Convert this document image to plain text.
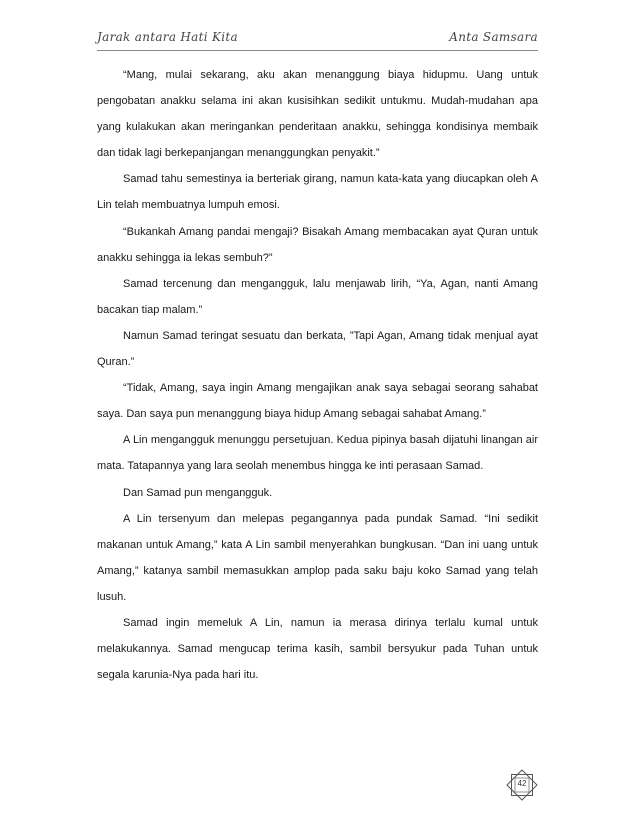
Jarak antara Hati Kita	Anta Samsara

“Mang, mulai sekarang, aku akan menanggung biaya hidupmu. Uang untuk pengobatan anakku selama ini akan kusisihkan sedikit untukmu. Mudah-mudahan apa yang kulakukan akan meringankan penderitaan anakku, sehingga kondisinya membaik dan tidak lagi berkepanjangan menanggungkan penyakit.”

Samad tahu semestinya ia berteriak girang, namun kata-kata yang diucapkan oleh A Lin telah membuatnya lumpuh emosi.

“Bukankah Amang pandai mengaji? Bisakah Amang membacakan ayat Quran untuk anakku sehingga ia lekas sembuh?”

Samad tercenung dan mengangguk, lalu menjawab lirih, “Ya, Agan, nanti Amang bacakan tiap malam.”

Namun Samad teringat sesuatu dan berkata, ”Tapi Agan, Amang tidak menjual ayat Quran.”

“Tidak, Amang, saya ingin Amang mengajikan anak saya sebagai seorang sahabat saya. Dan saya pun menanggung biaya hidup Amang sebagai sahabat Amang.”

A Lin mengangguk menunggu persetujuan. Kedua pipinya basah dijatuhi linangan air mata. Tatapannya yang lara seolah menembus hingga ke inti perasaan Samad.

Dan Samad pun mengangguk.

A Lin tersenyum dan melepas pegangannya pada pundak Samad. “Ini sedikit makanan untuk Amang,” kata A Lin sambil menyerahkan bungkusan. “Dan ini uang untuk Amang,” katanya sambil memasukkan amplop pada saku baju koko Samad yang telah lusuh.

Samad ingin memeluk A Lin, namun ia merasa dirinya terlalu kumal untuk melakukannya. Samad mengucap terima kasih, sambil bersyukur pada Tuhan untuk segala karunia-Nya pada hari itu.

42
